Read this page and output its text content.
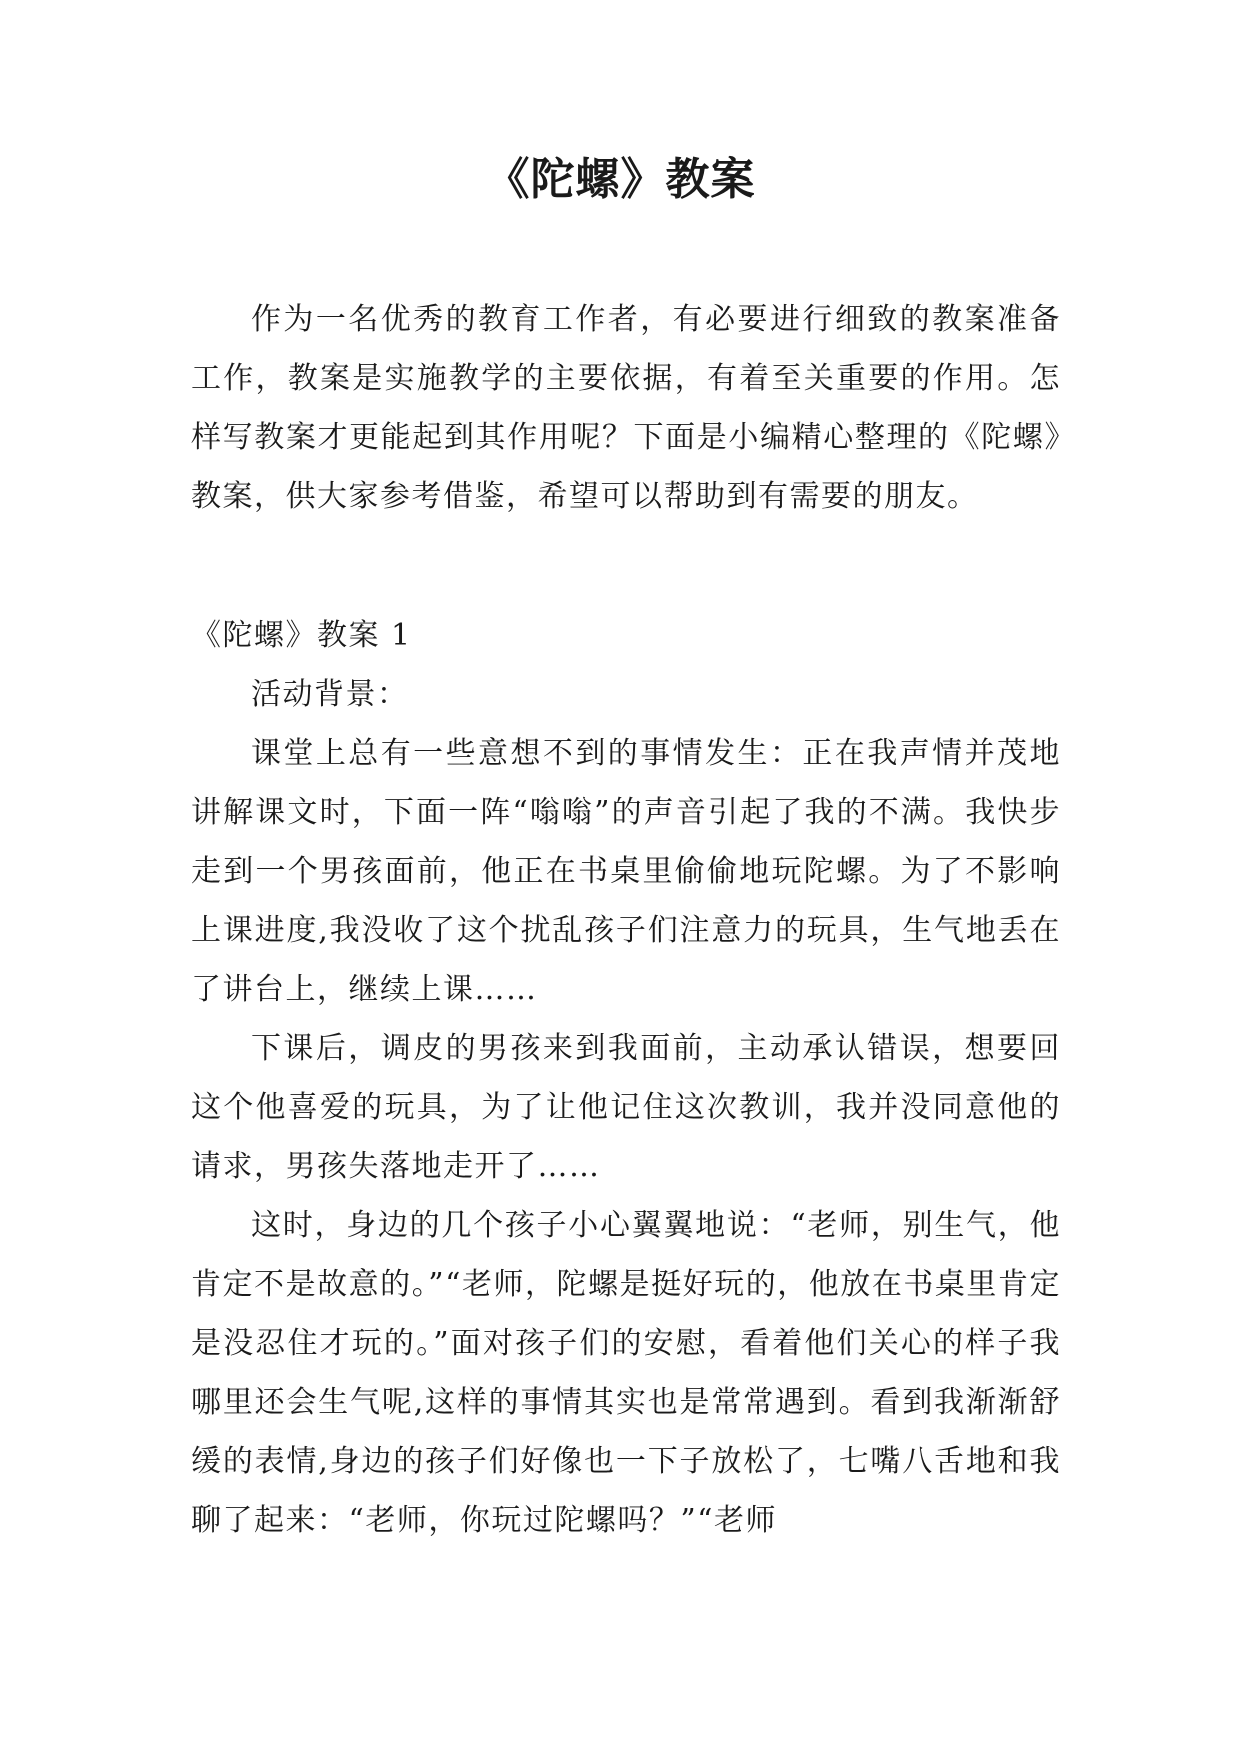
《陀螺》教案

作为一名优秀的教育工作者，有必要进行细致的教案准备工作，教案是实施教学的主要依据，有着至关重要的作用。怎样写教案才更能起到其作用呢？下面是小编精心整理的《陀螺》教案，供大家参考借鉴，希望可以帮助到有需要的朋友。

《陀螺》教案 1

活动背景：

课堂上总有一些意想不到的事情发生：正在我声情并茂地讲解课文时，下面一阵“嗡嗡”的声音引起了我的不满。我快步走到一个男孩面前，他正在书桌里偷偷地玩陀螺。为了不影响上课进度,我没收了这个扰乱孩子们注意力的玩具，生气地丢在了讲台上，继续上课……

下课后，调皮的男孩来到我面前，主动承认错误，想要回这个他喜爱的玩具，为了让他记住这次教训，我并没同意他的请求，男孩失落地走开了……

这时，身边的几个孩子小心翼翼地说：“老师，别生气，他肯定不是故意的。”“老师，陀螺是挺好玩的，他放在书桌里肯定是没忍住才玩的。”面对孩子们的安慰，看着他们关心的样子我哪里还会生气呢,这样的事情其实也是常常遇到。看到我渐渐舒缓的表情,身边的孩子们好像也一下子放松了，七嘴八舌地和我聊了起来：“老师，你玩过陀螺吗？”“老师
